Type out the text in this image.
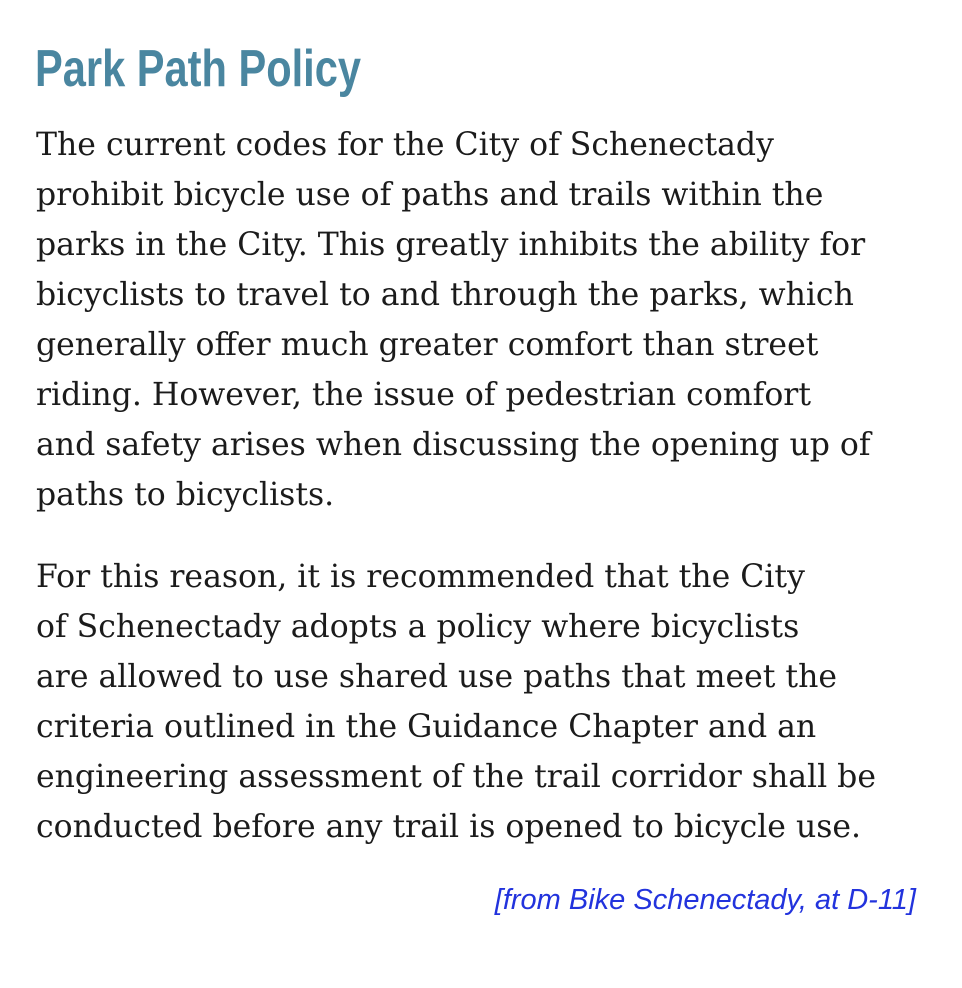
Park Path Policy

The current codes for the City of Schenectady
prohibit bicycle use of paths and trails within the
parks in the City. This greatly inhibits the ability for
bicyclists to travel to and through the parks, which
generally offer much greater comfort than street
riding. However, the issue of pedestrian comfort
and safety arises when discussing the opening up of
paths to bicyclists.

For this reason, it is recommended that the City
of Schenectady adopts a policy where bicyclists
are allowed to use shared use paths that meet the
criteria outlined in the Guidance Chapter and an
engineering assessment of the trail corridor shall be
conducted before any trail is opened to bicycle use.

[from Bike Schenectady, at D-11]
